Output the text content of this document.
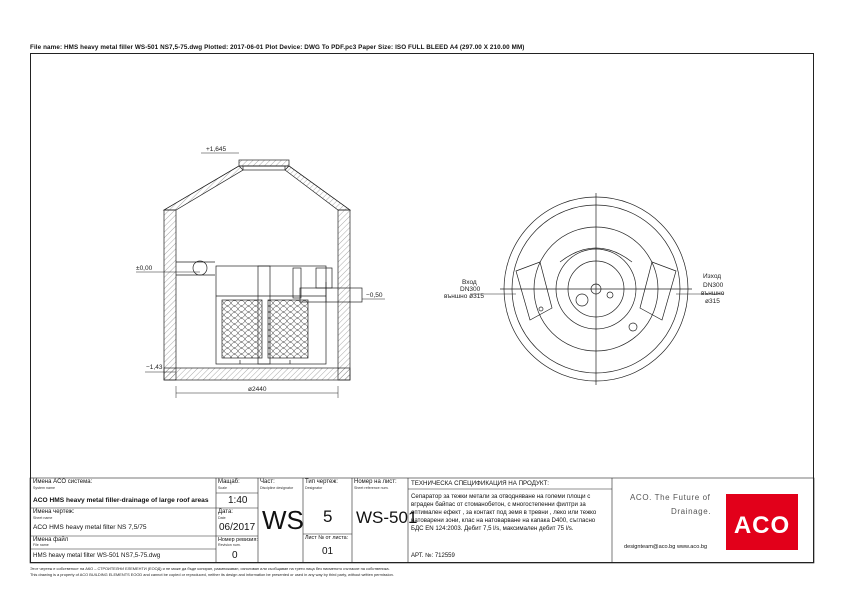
File name: HMS heavy metal filler WS-501 NS7,5-75.dwg Plotted: 2017-06-01 Plot Device: DWG To PDF.pc3 Paper Size: ISO FULL BLEED A4 (297.00 X 210.00 MM)
+1,645
±0,00
−0,50
−1,43
ø2440
Вход
DN300
външно ø315
Изход
DN300
външно
ø315
Имена ACO система:
System name
ACO HMS heavy metal filler-drainage of large roof areas
Имена чертеж:
Sheet name
ACO HMS heavy metal filter NS 7,5/75
Имена файл
File name
HMS heavy metal filter WS-501 NS7,5-75.dwg
Мащаб:
Scale
1:40
Дата:
Date
06/2017
Номер ревизия:
Revision num.
0
Част:
Discipline designator
WS
Тип чертеж:
Designator
5
Лист № от листа:
01
Номер на лист:
Sheet reference num.
WS-501
ТЕХНИЧЕСКА СПЕЦИФИКАЦИЯ НА ПРОДУКТ:
Сепаратор за тежки метали за отводняване на големи площи с вграден байпас от стоманобетон, с многостепенни филтри за оптимален ефект , за контакт под земя в тревни , леко или тежко натоварени зони, клас на натоварване на капака D400, съгласно БДС EN 124:2003. Дебит 7,5 l/s, максимален дебит 75 l/s.
АРТ. №: 712559
ACO. The Future of
Drainage.
designteam@aco.bg www.aco.bg
ACO
Этот чертеж е собственост на АКО – СТРОИТЕЛНИ ЕЛЕМЕНТИ (ЕООД) и не може да бъде копиран, размножаван, използван или съобщаван на трети лица без писменото съгласие на собственика.
This drawing is a property of ACO BUILDING ELEMENTS EOOD and cannot be copied or reproduced, neither its design and information be presented or used in any way by third party, without written permission.
